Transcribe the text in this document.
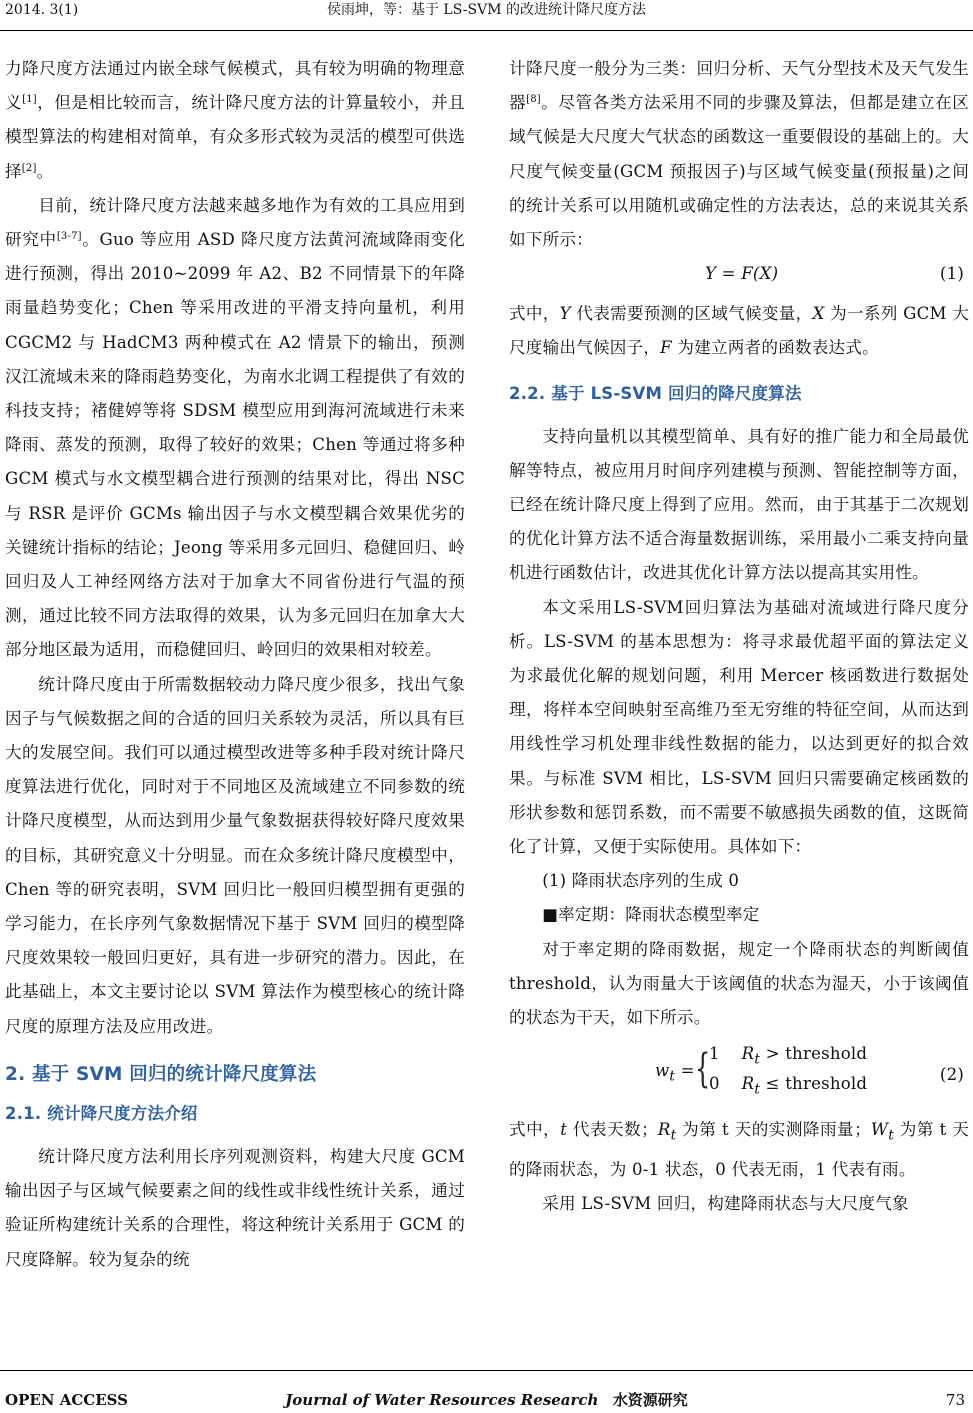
2014. 3(1)	侯雨坤，等：基于 LS-SVM 的改进统计降尺度方法

力降尺度方法通过内嵌全球气候模式，具有较为明确的物理意义[1]，但是相比较而言，统计降尺度方法的计算量较小，并且模型算法的构建相对简单，有众多形式较为灵活的模型可供选择[2]。

目前，统计降尺度方法越来越多地作为有效的工具应用到研究中[3-7]。Guo 等应用 ASD 降尺度方法黄河流域降雨变化进行预测，得出 2010~2099 年 A2、B2 不同情景下的年降雨量趋势变化；Chen 等采用改进的平滑支持向量机，利用 CGCM2 与 HadCM3 两种模式在 A2 情景下的输出，预测汉江流域未来的降雨趋势变化，为南水北调工程提供了有效的科技支持；褚健婷等将 SDSM 模型应用到海河流域进行未来降雨、蒸发的预测，取得了较好的效果；Chen 等通过将多种 GCM 模式与水文模型耦合进行预测的结果对比，得出 NSC 与 RSR 是评价 GCMs 输出因子与水文模型耦合效果优劣的关键统计指标的结论；Jeong 等采用多元回归、稳健回归、岭回归及人工神经网络方法对于加拿大不同省份进行气温的预测，通过比较不同方法取得的效果，认为多元回归在加拿大大部分地区最为适用，而稳健回归、岭回归的效果相对较差。

统计降尺度由于所需数据较动力降尺度少很多，找出气象因子与气候数据之间的合适的回归关系较为灵活，所以具有巨大的发展空间。我们可以通过模型改进等多种手段对统计降尺度算法进行优化，同时对于不同地区及流域建立不同参数的统计降尺度模型，从而达到用少量气象数据获得较好降尺度效果的目标，其研究意义十分明显。而在众多统计降尺度模型中，Chen 等的研究表明，SVM 回归比一般回归模型拥有更强的学习能力，在长序列气象数据情况下基于 SVM 回归的模型降尺度效果较一般回归更好，具有进一步研究的潜力。因此，在此基础上，本文主要讨论以 SVM 算法作为模型核心的统计降尺度的原理方法及应用改进。

2. 基于 SVM 回归的统计降尺度算法
2.1. 统计降尺度方法介绍

统计降尺度方法利用长序列观测资料，构建大尺度 GCM 输出因子与区域气候要素之间的线性或非线性统计关系，通过验证所构建统计关系的合理性，将这种统计关系用于 GCM 的尺度降解。较为复杂的统

计降尺度一般分为三类：回归分析、天气分型技术及天气发生器[8]。尽管各类方法采用不同的步骤及算法，但都是建立在区域气候是大尺度大气状态的函数这一重要假设的基础上的。大尺度气候变量(GCM 预报因子)与区域气候变量(预报量)之间的统计关系可以用随机或确定性的方法表达，总的来说其关系如下所示：

Y = F(X)	(1)

式中，Y 代表需要预测的区域气候变量，X 为一系列 GCM 大尺度输出气候因子，F 为建立两者的函数表达式。

2.2. 基于 LS-SVM 回归的降尺度算法

支持向量机以其模型简单、具有好的推广能力和全局最优解等特点，被应用月时间序列建模与预测、智能控制等方面，已经在统计降尺度上得到了应用。然而，由于其基于二次规划的优化计算方法不适合海量数据训练，采用最小二乘支持向量机进行函数估计，改进其优化计算方法以提高其实用性。

本文采用LS-SVM回归算法为基础对流域进行降尺度分析。LS-SVM 的基本思想为：将寻求最优超平面的算法定义为求最优化解的规划问题，利用 Mercer 核函数进行数据处理，将样本空间映射至高维乃至无穷维的特征空间，从而达到用线性学习机处理非线性数据的能力，以达到更好的拟合效果。与标准 SVM 相比，LS-SVM 回归只需要确定核函数的形状参数和惩罚系数，而不需要不敏感损失函数的值，这既简化了计算，又便于实际使用。具体如下：

(1) 降雨状态序列的生成 0

■率定期：降雨状态模型率定

对于率定期的降雨数据，规定一个降雨状态的判断阈值 threshold，认为雨量大于该阈值的状态为湿天，小于该阈值的状态为干天，如下所示。

$w_t$ = {
1 $R_t$ > threshold
0 $R_t$ ≤ threshold	(2)

式中，t 代表天数；$R_t$ 为第 t 天的实测降雨量；$W_t$ 为第 t 天的降雨状态，为 0-1 状态，0 代表无雨，1 代表有雨。

采用 LS-SVM 回归，构建降雨状态与大尺度气象

OPEN ACCESS	Journal of Water Resources Research 水资源研究	73
